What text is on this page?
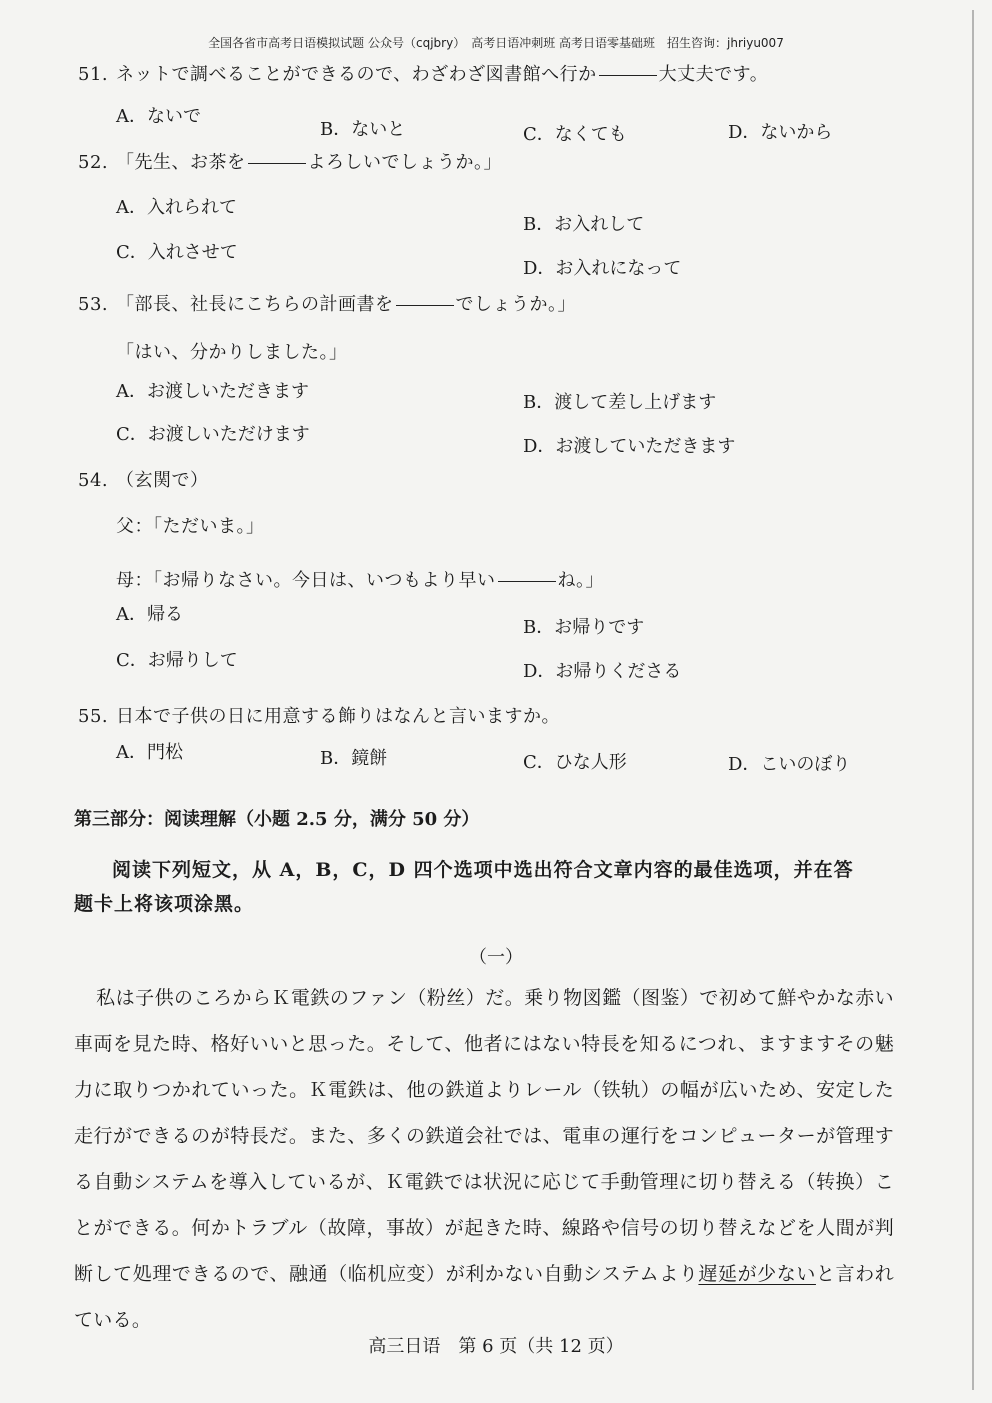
全国各省市高考日语模拟试题 公众号（cqjbry）　高考日语冲刺班 高考日语零基础班　招生咨询：jhriyu007
51. ネットで調べることができるので、わざわざ図書館へ行か	大丈夫です。
A．ないで
B．ないと	C．なくても	D．ないから
52. 「先生、お茶を	よろしいでしょうか。」
A．入れられて
B．お入れして
C．入れさせて
D．お入れになって
53. 「部長、社長にこちらの計画書を	でしょうか。」
「はい、分かりしました。」
A．お渡しいただきます
B．渡して差し上げます
C．お渡しいただけます
D．お渡していただきます
54. （玄関で）
父：「ただいま。」
母：「お帰りなさい。今日は、いつもより早い	ね。」
A．帰る
B．お帰りです
C．お帰りして
D．お帰りくださる
55. 日本で子供の日に用意する飾りはなんと言いますか。
A．門松	B．鏡餅	C．ひな人形	D．こいのぼり
第三部分：阅读理解（小题 2.5 分，满分 50 分）
阅读下列短文，从 A，B，C，D 四个选项中选出符合文章内容的最佳选项，并在答
题卡上将该项涂黑。
（一）
私は子供のころからＫ電鉄のファン（粉丝）だ。乗り物図鑑（图鉴）で初めて鮮やかな赤い車両を見た時、格好いいと思った。そして、他者にはない特長を知るにつれ、ますますその魅力に取りつかれていった。Ｋ電鉄は、他の鉄道よりレール（铁轨）の幅が広いため、安定した走行ができるのが特長だ。また、多くの鉄道会社では、電車の運行をコンピューターが管理する自動システムを導入しているが、Ｋ電鉄では状況に応じて手動管理に切り替える（转换）ことができる。何かトラブル（故障，事故）が起きた時、線路や信号の切り替えなどを人間が判断して処理できるので、融通（临机应变）が利かない自動システムより遅延が少ないと言われている。
高三日语　第 6 页（共 12 页）
